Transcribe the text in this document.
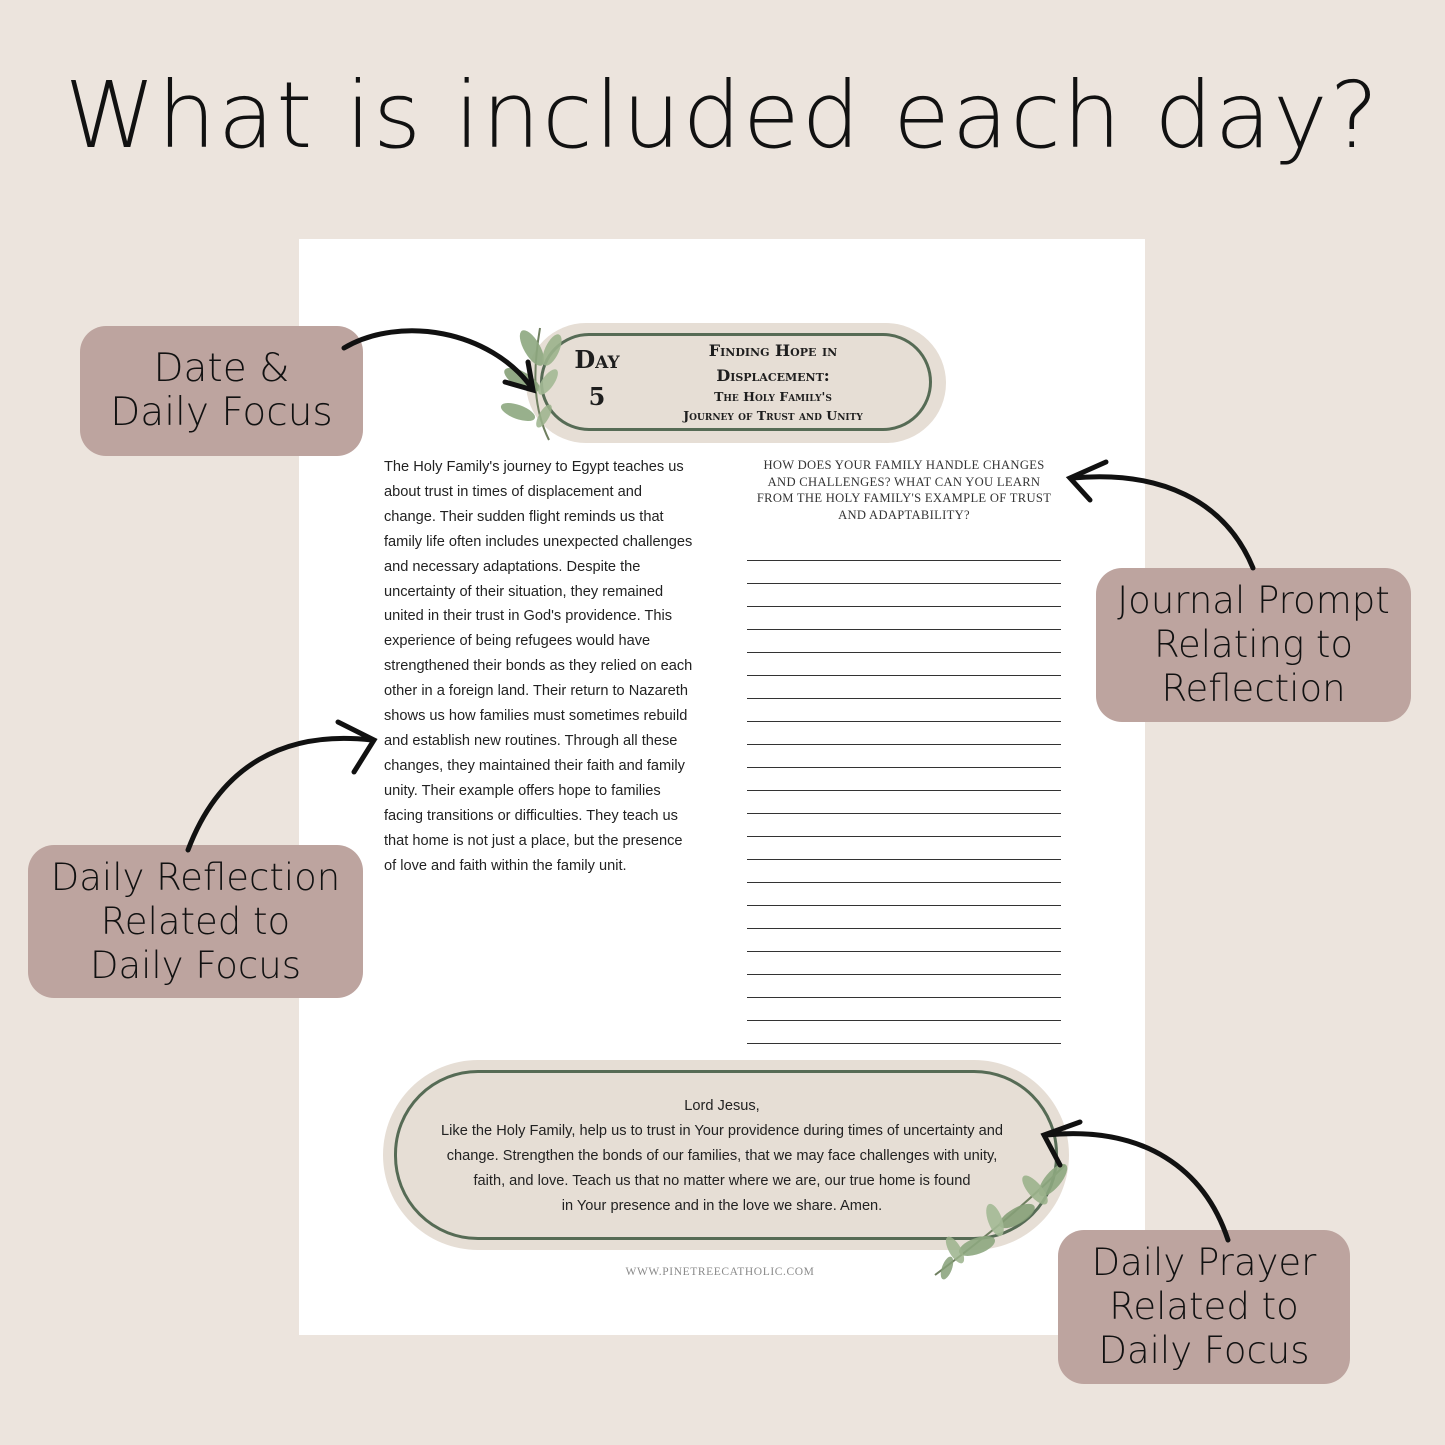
What is included each day?
Day
5
Finding Hope in
Displacement:
The Holy Family's
Journey of Trust and Unity
The Holy Family's journey to Egypt teaches us
about trust in times of displacement and
change. Their sudden flight reminds us that
family life often includes unexpected challenges
and necessary adaptations. Despite the
uncertainty of their situation, they remained
united in their trust in God's providence. This
experience of being refugees would have
strengthened their bonds as they relied on each
other in a foreign land. Their return to Nazareth
shows us how families must sometimes rebuild
and establish new routines. Through all these
changes, they maintained their faith and family
unity. Their example offers hope to families
facing transitions or difficulties. They teach us
that home is not just a place, but the presence
of love and faith within the family unit.
HOW DOES YOUR FAMILY HANDLE CHANGES
AND CHALLENGES? WHAT CAN YOU LEARN
FROM THE HOLY FAMILY'S EXAMPLE OF TRUST
AND ADAPTABILITY?
Lord Jesus,
Like the Holy Family, help us to trust in Your providence during times of uncertainty and
change. Strengthen the bonds of our families, that we may face challenges with unity,
faith, and love. Teach us that no matter where we are, our true home is found
in Your presence and in the love we share. Amen.
WWW.PINETREECATHOLIC.COM
Date &
Daily Focus
Journal Prompt
Relating to
Reflection
Daily Reflection
Related to
Daily Focus
Daily Prayer
Related to
Daily Focus
